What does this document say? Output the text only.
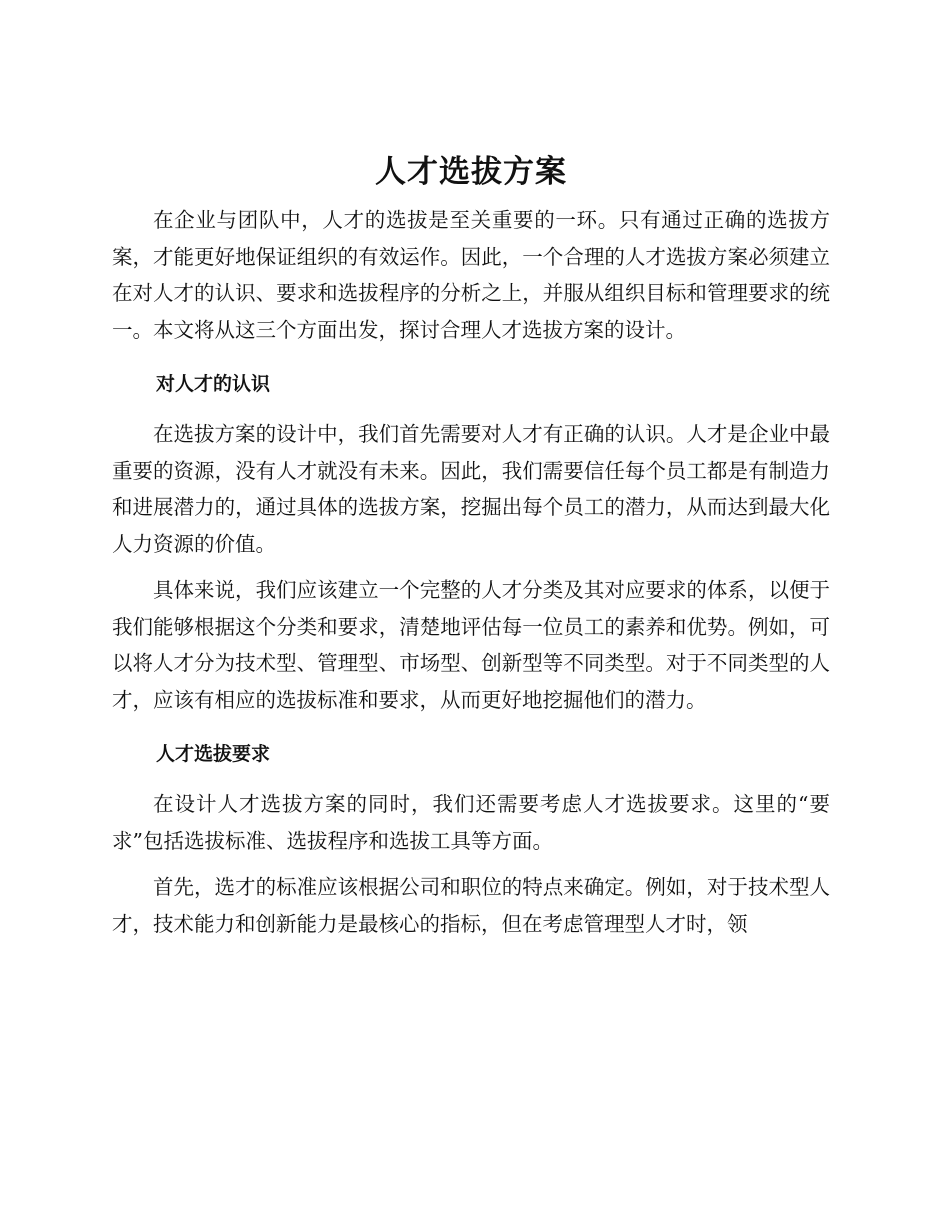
人才选拔方案

在企业与团队中，人才的选拔是至关重要的一环。只有通过正确的选拔方案，才能更好地保证组织的有效运作。因此，一个合理的人才选拔方案必须建立在对人才的认识、要求和选拔程序的分析之上，并服从组织目标和管理要求的统一。本文将从这三个方面出发，探讨合理人才选拔方案的设计。

对人才的认识

在选拔方案的设计中，我们首先需要对人才有正确的认识。人才是企业中最重要的资源，没有人才就没有未来。因此，我们需要信任每个员工都是有制造力和进展潜力的，通过具体的选拔方案，挖掘出每个员工的潜力，从而达到最大化人力资源的价值。

具体来说，我们应该建立一个完整的人才分类及其对应要求的体系，以便于我们能够根据这个分类和要求，清楚地评估每一位员工的素养和优势。例如，可以将人才分为技术型、管理型、市场型、创新型等不同类型。对于不同类型的人才，应该有相应的选拔标准和要求，从而更好地挖掘他们的潜力。

人才选拔要求

在设计人才选拔方案的同时，我们还需要考虑人才选拔要求。这里的“要求”包括选拔标准、选拔程序和选拔工具等方面。

首先，选才的标准应该根据公司和职位的特点来确定。例如，对于技术型人才，技术能力和创新能力是最核心的指标，但在考虑管理型人才时，领
